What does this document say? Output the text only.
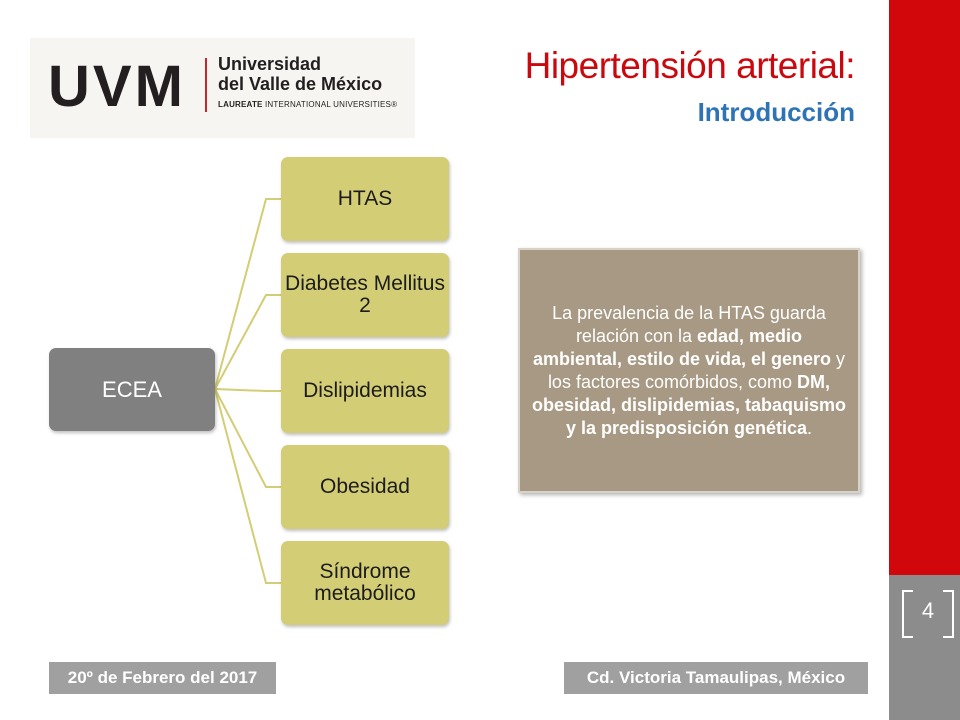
4
UVM Universidad
del Valle de México
LAUREATE INTERNATIONAL UNIVERSITIES®
Hipertensión arterial:
Introducción
ECEA
HTAS
Diabetes Mellitus 2
Dislipidemias
Obesidad
Síndrome metabólico
La prevalencia de la HTAS guarda relación con la edad, medio ambiental, estilo de vida, el genero y los factores comórbidos, como DM, obesidad, dislipidemias, tabaquismo y la predisposición genética.
20º de Febrero del 2017	Cd. Victoria Tamaulipas, México
